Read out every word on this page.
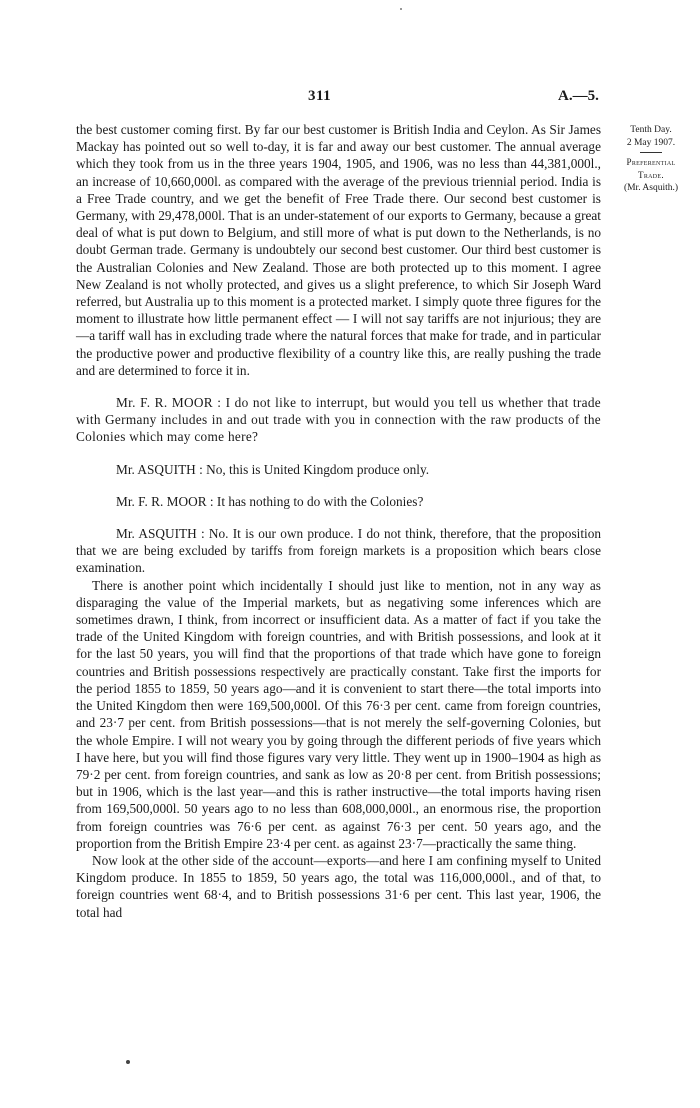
311	A.—5.
Tenth Day.
2 May 1907.
Preferential
Trade.
(Mr. Asquith.)

the best customer coming first. By far our best customer is British India and Ceylon. As Sir James Mackay has pointed out so well to-day, it is far and away our best customer. The annual average which they took from us in the three years 1904, 1905, and 1906, was no less than 44,381,000l., an increase of 10,660,000l. as compared with the average of the previous triennial period. India is a Free Trade country, and we get the benefit of Free Trade there. Our second best customer is Germany, with 29,478,000l. That is an under-statement of our exports to Germany, because a great deal of what is put down to Belgium, and still more of what is put down to the Netherlands, is no doubt German trade. Germany is undoubtely our second best customer. Our third best customer is the Australian Colonies and New Zealand. Those are both protected up to this moment. I agree New Zealand is not wholly protected, and gives us a slight preference, to which Sir Joseph Ward referred, but Australia up to this moment is a protected market. I simply quote three figures for the moment to illustrate how little permanent effect — I will not say tariffs are not injurious; they are —a tariff wall has in excluding trade where the natural forces that make for trade, and in particular the productive power and productive flexibility of a country like this, are really pushing the trade and are determined to force it in.

Mr. F. R. MOOR : I do not like to interrupt, but would you tell us whether that trade with Germany includes in and out trade with you in connection with the raw products of the Colonies which may come here?

Mr. ASQUITH : No, this is United Kingdom produce only.

Mr. F. R. MOOR : It has nothing to do with the Colonies?

Mr. ASQUITH : No. It is our own produce. I do not think, therefore, that the proposition that we are being excluded by tariffs from foreign markets is a proposition which bears close examination.

There is another point which incidentally I should just like to mention, not in any way as disparaging the value of the Imperial markets, but as negativing some inferences which are sometimes drawn, I think, from incorrect or insufficient data. As a matter of fact if you take the trade of the United Kingdom with foreign countries, and with British possessions, and look at it for the last 50 years, you will find that the proportions of that trade which have gone to foreign countries and British possessions respectively are practically constant. Take first the imports for the period 1855 to 1859, 50 years ago—and it is convenient to start there—the total imports into the United Kingdom then were 169,500,000l. Of this 76·3 per cent. came from foreign countries, and 23·7 per cent. from British possessions—that is not merely the self-governing Colonies, but the whole Empire. I will not weary you by going through the different periods of five years which I have here, but you will find those figures vary very little. They went up in 1900–1904 as high as 79·2 per cent. from foreign countries, and sank as low as 20·8 per cent. from British possessions; but in 1906, which is the last year—and this is rather instructive—the total imports having risen from 169,500,000l. 50 years ago to no less than 608,000,000l., an enormous rise, the proportion from foreign countries was 76·6 per cent. as against 76·3 per cent. 50 years ago, and the proportion from the British Empire 23·4 per cent. as against 23·7—practically the same thing.

Now look at the other side of the account—exports—and here I am confining myself to United Kingdom produce. In 1855 to 1859, 50 years ago, the total was 116,000,000l., and of that, to foreign countries went 68·4, and to British possessions 31·6 per cent. This last year, 1906, the total had
